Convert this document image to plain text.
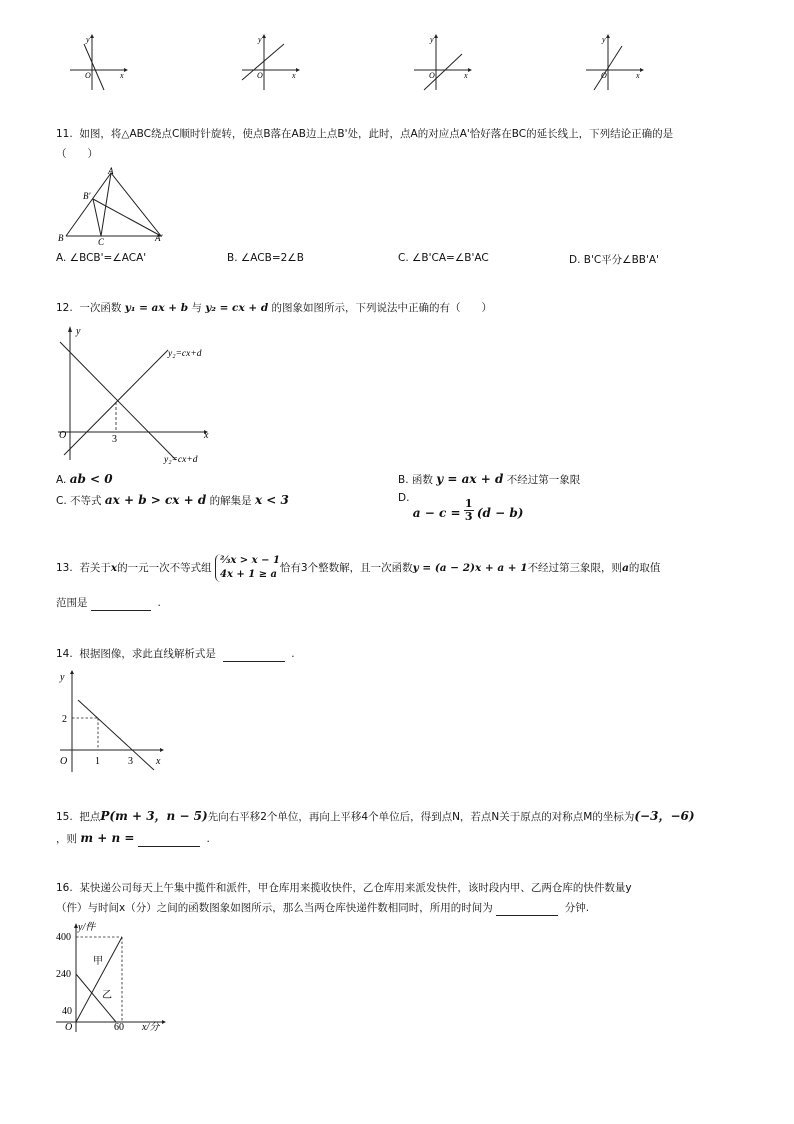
y
x
O
y
x
O
y
x
O
y
x
O
11. 如图，将△ABC绕点C顺时针旋转，使点B落在AB边上点B'处，此时，点A的对应点A'恰好落在BC的延长线上，下列结论正确的是
（　　）
A
B'
B	C	A'
A. ∠BCB'=∠ACA'	B. ∠ACB=2∠B	C. ∠B'CA=∠B'AC	D. B'C平分∠BB'A'
12. 一次函数 y₁ = ax + b 与 y₂ = cx + d 的图象如图所示，下列说法中正确的有（　　）
y
x
O	3
y₂=cx+d
y₂=cx+d
A. ab < 0	B. 函数 y = ax + d 不经过第一象限
C. 不等式 ax + b > cx + d 的解集是 x < 3	D. $a - c = \frac{1}{3} (d - b)$
13. 若关于x的一元一次不等式组
⅔x > x − 1
4x + 1 ≥ a
恰有3个整数解，且一次函数y = (a − 2)x + a + 1不经过第三象限，则a的取值
范围是	.
14. 根据图像，求此直线解析式是	.
y
x
O
2
1	3
15. 把点P(m + 3，n − 5)先向右平移2个单位，再向上平移4个单位后，得到点N，若点N关于原点的对称点M的坐标为(−3，−6)
，则 m + n =	.
16. 某快递公司每天上午集中揽件和派件，甲仓库用来揽收快件，乙仓库用来派发快件，该时段内甲、乙两仓库的快件数量y
（件）与时间x（分）之间的函数图象如图所示，那么当两仓库快递件数相同时，所用的时间为	分钟.
y/件
x/分
O
400
240
40
60
甲
乙
